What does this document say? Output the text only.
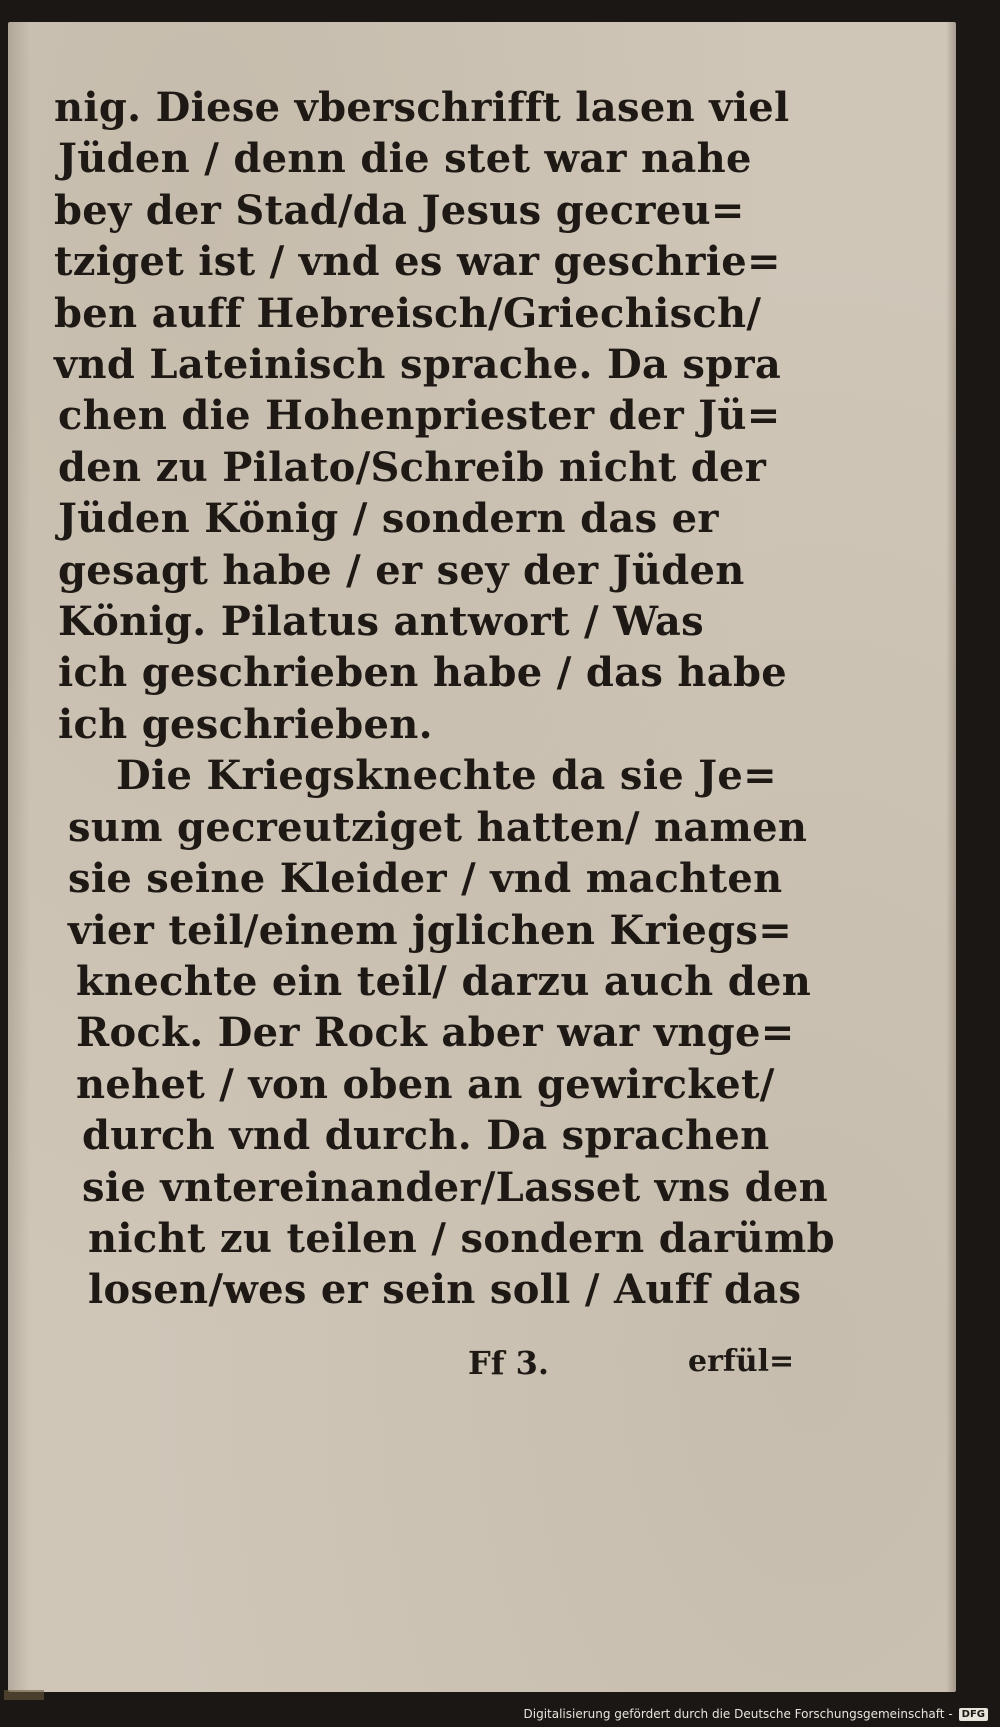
nig. Diese vberschrifft lasen viel
Jüden / denn die stet war nahe
bey der Stad/da Jesus gecreu=
tziget ist / vnd es war geschrie=
ben auff Hebreisch/Griechisch/
vnd Lateinisch sprache. Da spra
chen die Hohenpriester der Jü=
den zu Pilato/Schreib nicht der
Jüden König / sondern das er
gesagt habe / er sey der Jüden
König. Pilatus antwort / Was
ich geschrieben habe / das habe
ich geschrieben.
Die Kriegsknechte da sie Je=
sum gecreutziget hatten/ namen
sie seine Kleider / vnd machten
vier teil/einem jglichen Kriegs=
knechte ein teil/ darzu auch den
Rock. Der Rock aber war vnge=
nehet / von oben an gewircket/
durch vnd durch. Da sprachen
sie vntereinander/Lasset vns den
nicht zu teilen / sondern darümb
losen/wes er sein soll / Auff das
Ff 3.	erfül=
Digitalisierung gefördert durch die Deutsche Forschungsgemeinschaft - DFG
